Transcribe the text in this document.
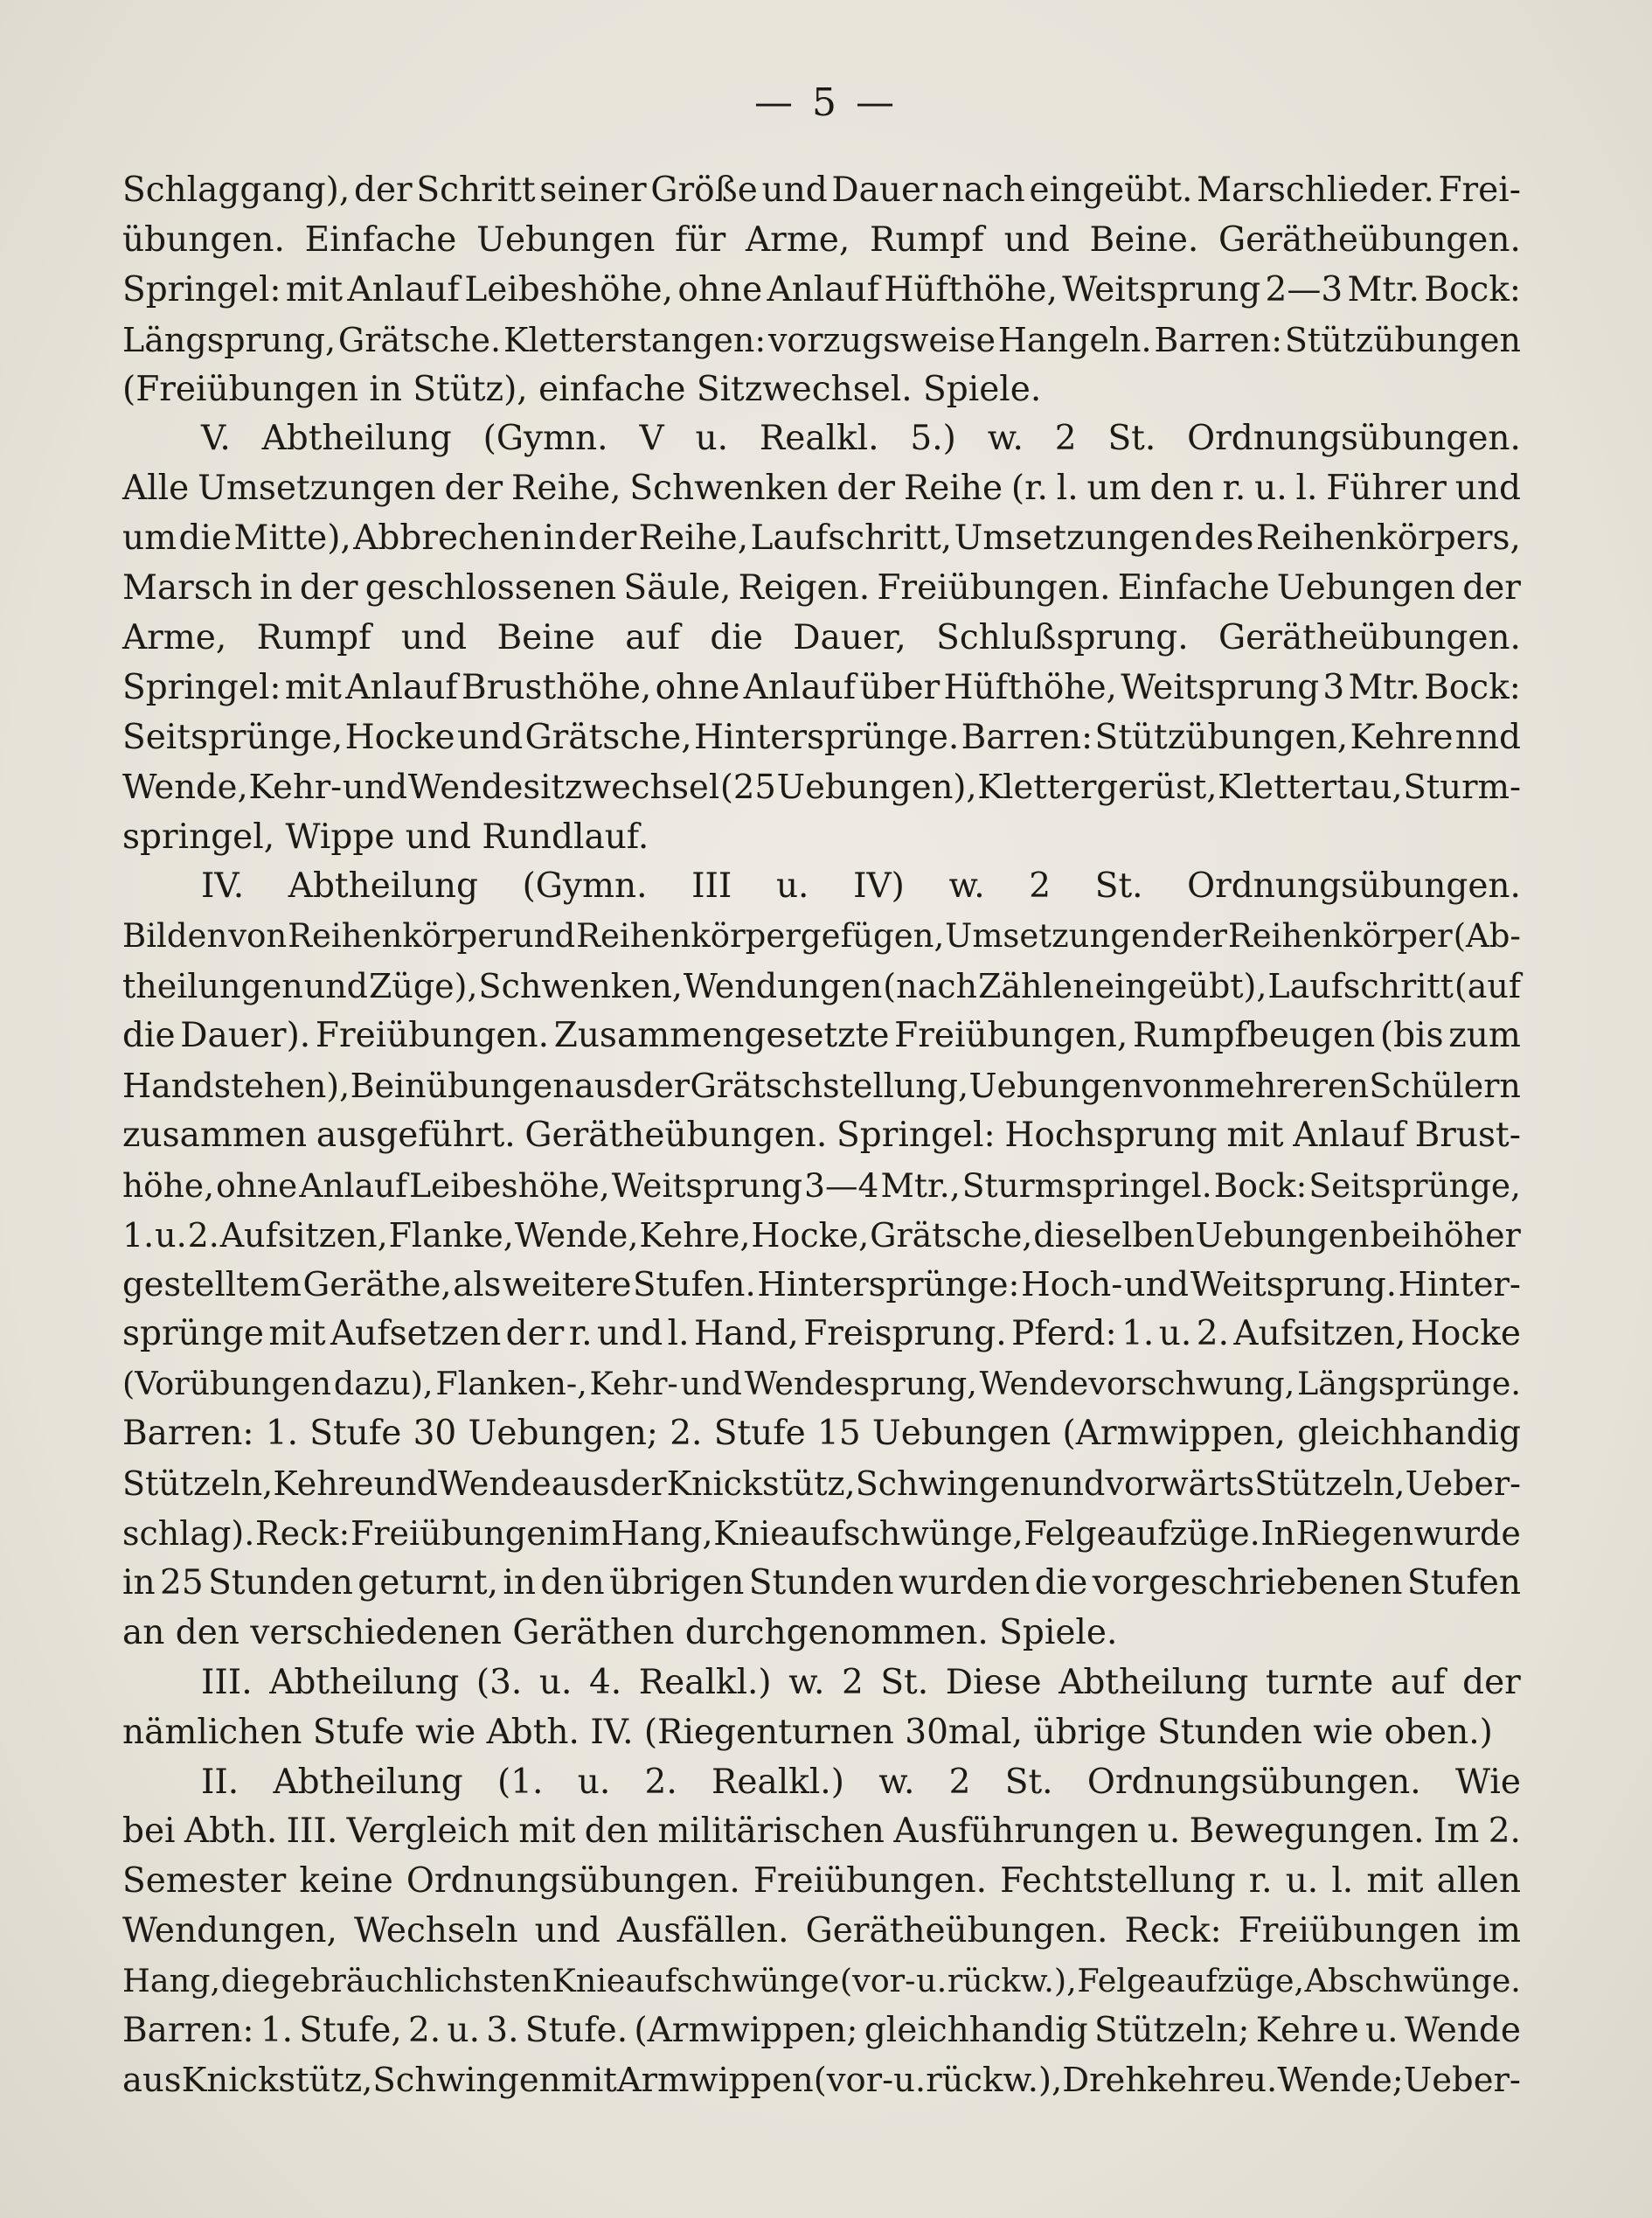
— 5 —
Schlaggang), der Schritt seiner Größe und Dauer nach eingeübt. Marschlieder. Frei-
übungen. Einfache Uebungen für Arme, Rumpf und Beine. Gerätheübungen.
Springel: mit Anlauf Leibeshöhe, ohne Anlauf Hüfthöhe, Weitsprung 2—3 Mtr. Bock:
Längsprung, Grätsche. Kletterstangen: vorzugsweise Hangeln. Barren: Stützübungen
(Freiübungen in Stütz), einfache Sitzwechsel. Spiele.
V. Abtheilung (Gymn. V u. Realkl. 5.) w. 2 St. Ordnungsübungen.
Alle Umsetzungen der Reihe, Schwenken der Reihe (r. l. um den r. u. l. Führer und
um die Mitte), Abbrechen in der Reihe, Laufschritt, Umsetzungen des Reihenkörpers,
Marsch in der geschlossenen Säule, Reigen. Freiübungen. Einfache Uebungen der
Arme, Rumpf und Beine auf die Dauer, Schlußsprung. Gerätheübungen.
Springel: mit Anlauf Brusthöhe, ohne Anlauf über Hüfthöhe, Weitsprung 3 Mtr. Bock:
Seitsprünge, Hocke und Grätsche, Hintersprünge. Barren: Stützübungen, Kehre nnd
Wende, Kehr- und Wendesitzwechsel (25 Uebungen), Klettergerüst, Klettertau, Sturm-
springel, Wippe und Rundlauf.
IV. Abtheilung (Gymn. III u. IV) w. 2 St. Ordnungsübungen.
Bilden von Reihenkörper und Reihenkörpergefügen, Umsetzungen der Reihenkörper (Ab-
theilungen und Züge), Schwenken, Wendungen (nach Zählen eingeübt), Laufschritt (auf
die Dauer). Freiübungen. Zusammengesetzte Freiübungen, Rumpfbeugen (bis zum
Handstehen), Beinübungen aus der Grätschstellung, Uebungen von mehreren Schülern
zusammen ausgeführt. Gerätheübungen. Springel: Hochsprung mit Anlauf Brust-
höhe, ohne Anlauf Leibeshöhe, Weitsprung 3—4 Mtr., Sturmspringel. Bock: Seitsprünge,
1. u. 2. Aufsitzen, Flanke, Wende, Kehre, Hocke, Grätsche, dieselben Uebungen bei höher
gestelltem Geräthe, als weitere Stufen. Hintersprünge: Hoch- und Weitsprung. Hinter-
sprünge mit Aufsetzen der r. und l. Hand, Freisprung. Pferd: 1. u. 2. Aufsitzen, Hocke
(Vorübungen dazu), Flanken-, Kehr- und Wendesprung, Wendevorschwung, Längsprünge.
Barren: 1. Stufe 30 Uebungen; 2. Stufe 15 Uebungen (Armwippen, gleichhandig
Stützeln, Kehre und Wende aus der Knickstütz, Schwingen und vorwärts Stützeln, Ueber-
schlag). Reck: Freiübungen im Hang, Knieaufschwünge, Felgeaufzüge. In Riegen wurde
in 25 Stunden geturnt, in den übrigen Stunden wurden die vorgeschriebenen Stufen
an den verschiedenen Geräthen durchgenommen. Spiele.
III. Abtheilung (3. u. 4. Realkl.) w. 2 St. Diese Abtheilung turnte auf der
nämlichen Stufe wie Abth. IV. (Riegenturnen 30mal, übrige Stunden wie oben.)
II. Abtheilung (1. u. 2. Realkl.) w. 2 St. Ordnungsübungen. Wie
bei Abth. III. Vergleich mit den militärischen Ausführungen u. Bewegungen. Im 2.
Semester keine Ordnungsübungen. Freiübungen. Fechtstellung r. u. l. mit allen
Wendungen, Wechseln und Ausfällen. Gerätheübungen. Reck: Freiübungen im
Hang, die gebräuchlichsten Knieaufschwünge (vor- u. rückw.), Felgeaufzüge, Abschwünge.
Barren: 1. Stufe, 2. u. 3. Stufe. (Armwippen; gleichhandig Stützeln; Kehre u. Wende
aus Knickstütz, Schwingen mit Armwippen (vor- u. rückw.), Drehkehre u. Wende; Ueber-
